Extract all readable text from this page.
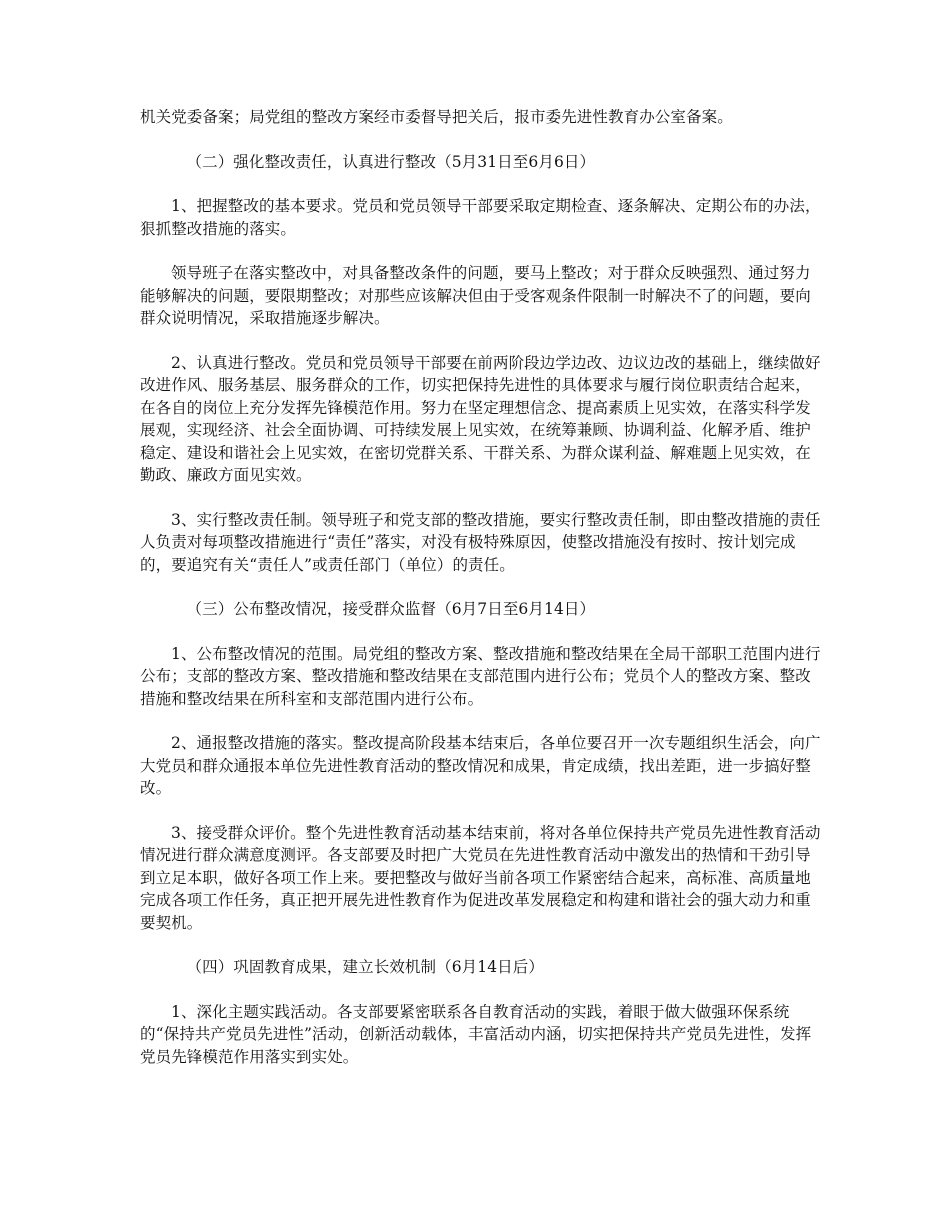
机关党委备案；局党组的整改方案经市委督导把关后，报市委先进性教育办公室备案。

（二）强化整改责任，认真进行整改（5月31日至6月6日）

1、把握整改的基本要求。党员和党员领导干部要采取定期检查、逐条解决、定期公布的办法，狠抓整改措施的落实。

领导班子在落实整改中，对具备整改条件的问题，要马上整改；对于群众反映强烈、通过努力能够解决的问题，要限期整改；对那些应该解决但由于受客观条件限制一时解决不了的问题，要向群众说明情况，采取措施逐步解决。

2、认真进行整改。党员和党员领导干部要在前两阶段边学边改、边议边改的基础上，继续做好改进作风、服务基层、服务群众的工作，切实把保持先进性的具体要求与履行岗位职责结合起来，在各自的岗位上充分发挥先锋模范作用。努力在坚定理想信念、提高素质上见实效，在落实科学发展观，实现经济、社会全面协调、可持续发展上见实效，在统筹兼顾、协调利益、化解矛盾、维护稳定、建设和谐社会上见实效，在密切党群关系、干群关系、为群众谋利益、解难题上见实效，在勤政、廉政方面见实效。

3、实行整改责任制。领导班子和党支部的整改措施，要实行整改责任制，即由整改措施的责任人负责对每项整改措施进行“责任”落实，对没有极特殊原因，使整改措施没有按时、按计划完成的，要追究有关“责任人”或责任部门（单位）的责任。

（三）公布整改情况，接受群众监督（6月7日至6月14日）

1、公布整改情况的范围。局党组的整改方案、整改措施和整改结果在全局干部职工范围内进行公布；支部的整改方案、整改措施和整改结果在支部范围内进行公布；党员个人的整改方案、整改措施和整改结果在所科室和支部范围内进行公布。

2、通报整改措施的落实。整改提高阶段基本结束后，各单位要召开一次专题组织生活会，向广大党员和群众通报本单位先进性教育活动的整改情况和成果，肯定成绩，找出差距，进一步搞好整改。

3、接受群众评价。整个先进性教育活动基本结束前，将对各单位保持共产党员先进性教育活动情况进行群众满意度测评。各支部要及时把广大党员在先进性教育活动中激发出的热情和干劲引导到立足本职，做好各项工作上来。要把整改与做好当前各项工作紧密结合起来，高标准、高质量地完成各项工作任务，真正把开展先进性教育作为促进改革发展稳定和构建和谐社会的强大动力和重要契机。

（四）巩固教育成果，建立长效机制（6月14日后）

1、深化主题实践活动。各支部要紧密联系各自教育活动的实践，着眼于做大做强环保系统的“保持共产党员先进性”活动，创新活动载体，丰富活动内涵，切实把保持共产党员先进性，发挥党员先锋模范作用落实到实处。
